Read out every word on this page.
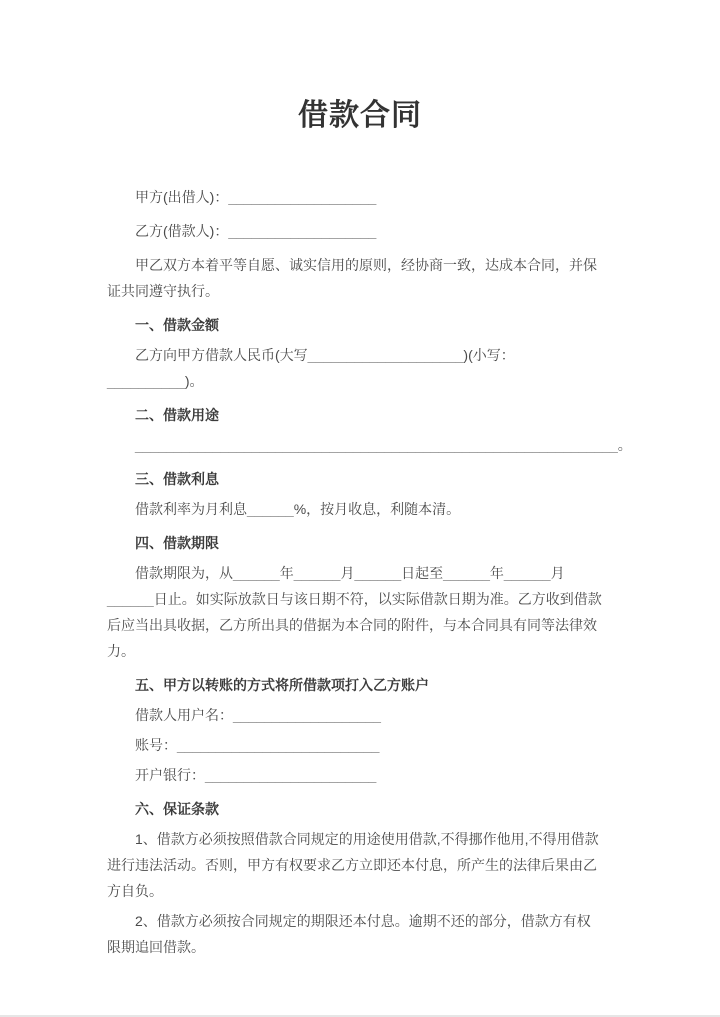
借款合同

甲方(出借人)：___________________

乙方(借款人)：___________________

甲乙双方本着平等自愿、诚实信用的原则，经协商一致，达成本合同，并保证共同遵守执行。

一、借款金额

乙方向甲方借款人民币(大写____________________)(小写：__________)。

二、借款用途

______________________________________________________________。

三、借款利息

借款利率为月利息______%，按月收息，利随本清。

四、借款期限

借款期限为，从______年______月______日起至______年______月______日止。如实际放款日与该日期不符，以实际借款日期为准。乙方收到借款后应当出具收据，乙方所出具的借据为本合同的附件，与本合同具有同等法律效力。

五、甲方以转账的方式将所借款项打入乙方账户

借款人用户名：___________________

账号：__________________________

开户银行：______________________

六、保证条款

1、借款方必须按照借款合同规定的用途使用借款,不得挪作他用,不得用借款进行违法活动。否则，甲方有权要求乙方立即还本付息，所产生的法律后果由乙方自负。

2、借款方必须按合同规定的期限还本付息。逾期不还的部分，借款方有权限期追回借款。
